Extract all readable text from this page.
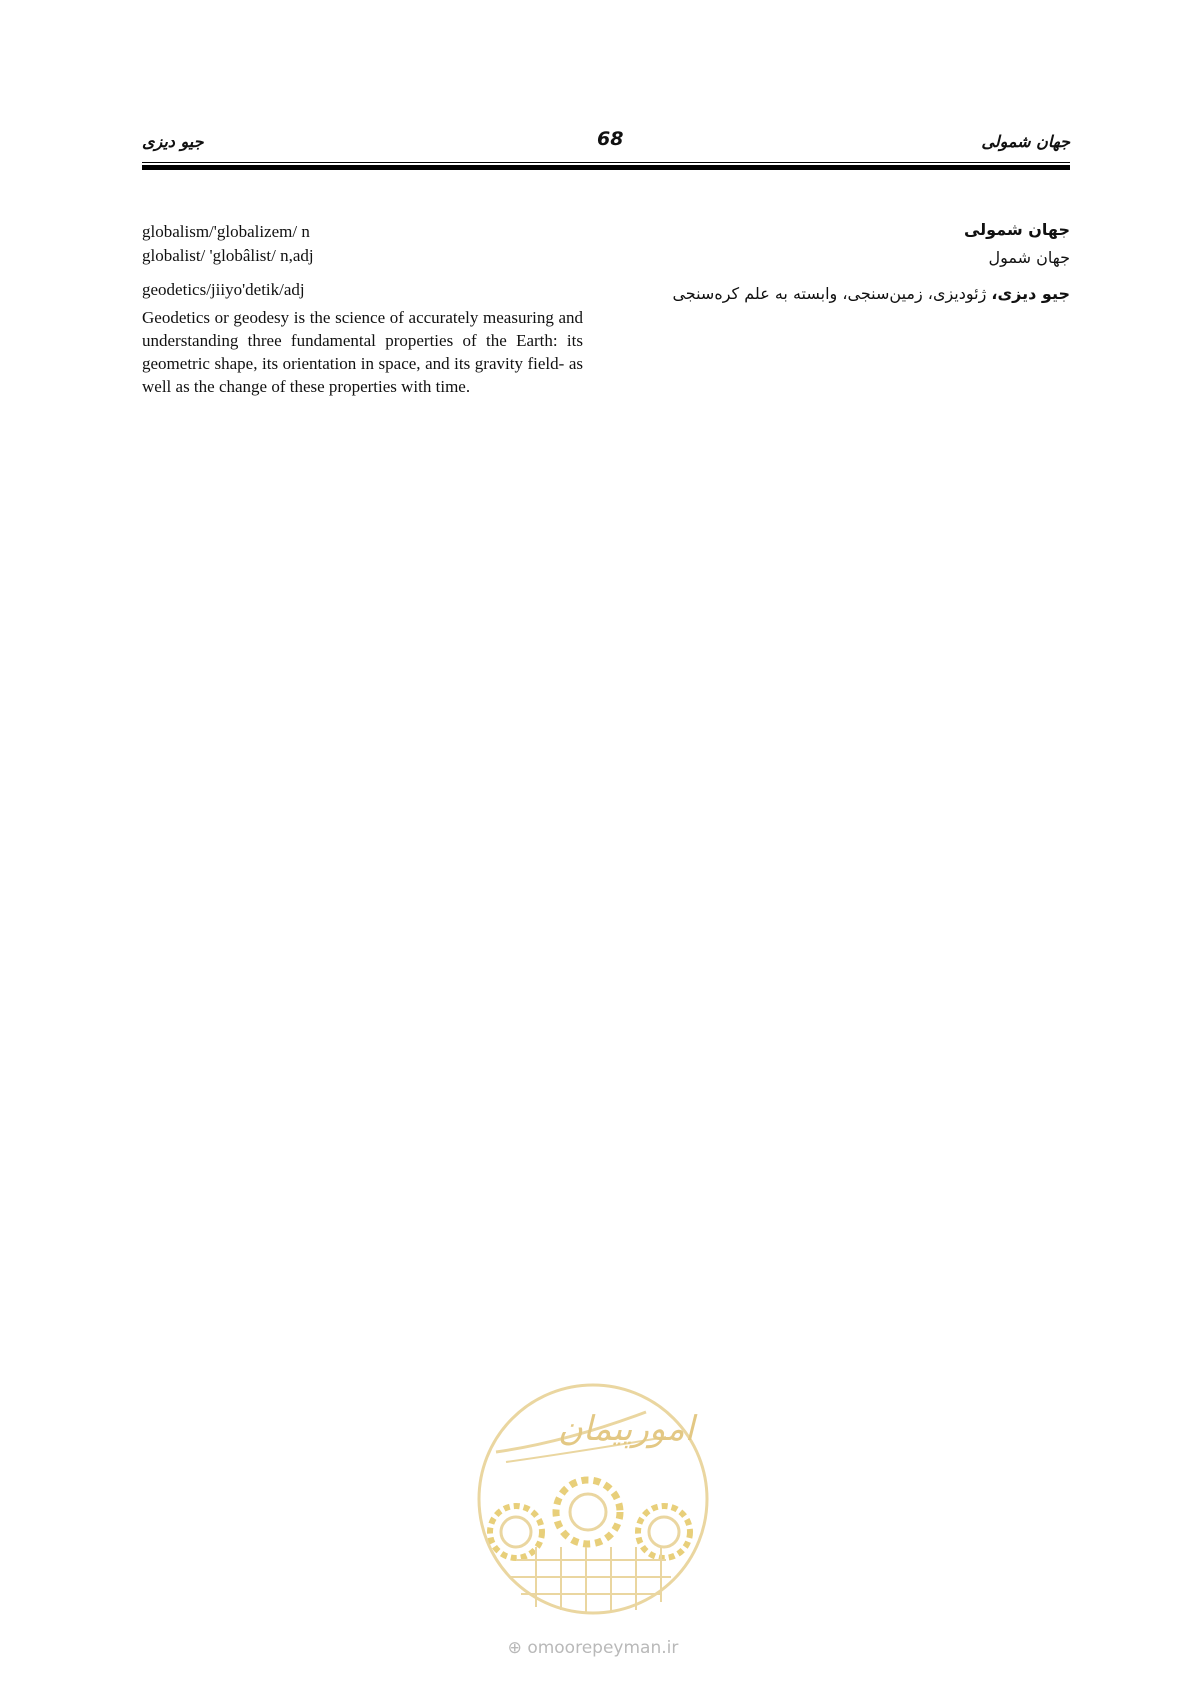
جیو دیزی	68	جهان شمولی
globalism/'globalizem/ n
globalist/ 'globâlist/ n,adj
geodetics/jiiyo'detik/adj
Geodetics or geodesy is the science of accurately measuring and understanding three fundamental properties of the Earth: its geometric shape, its orientation in space, and its gravity field- as well as the change of these properties with time.
جهان شمولی
جهان شمول
جیو دیزی، ژئودیزی، زمین‌سنجی، وابسته به علم کره‌سنجی
امورپیمان
⊕ omoorepeyman.ir
